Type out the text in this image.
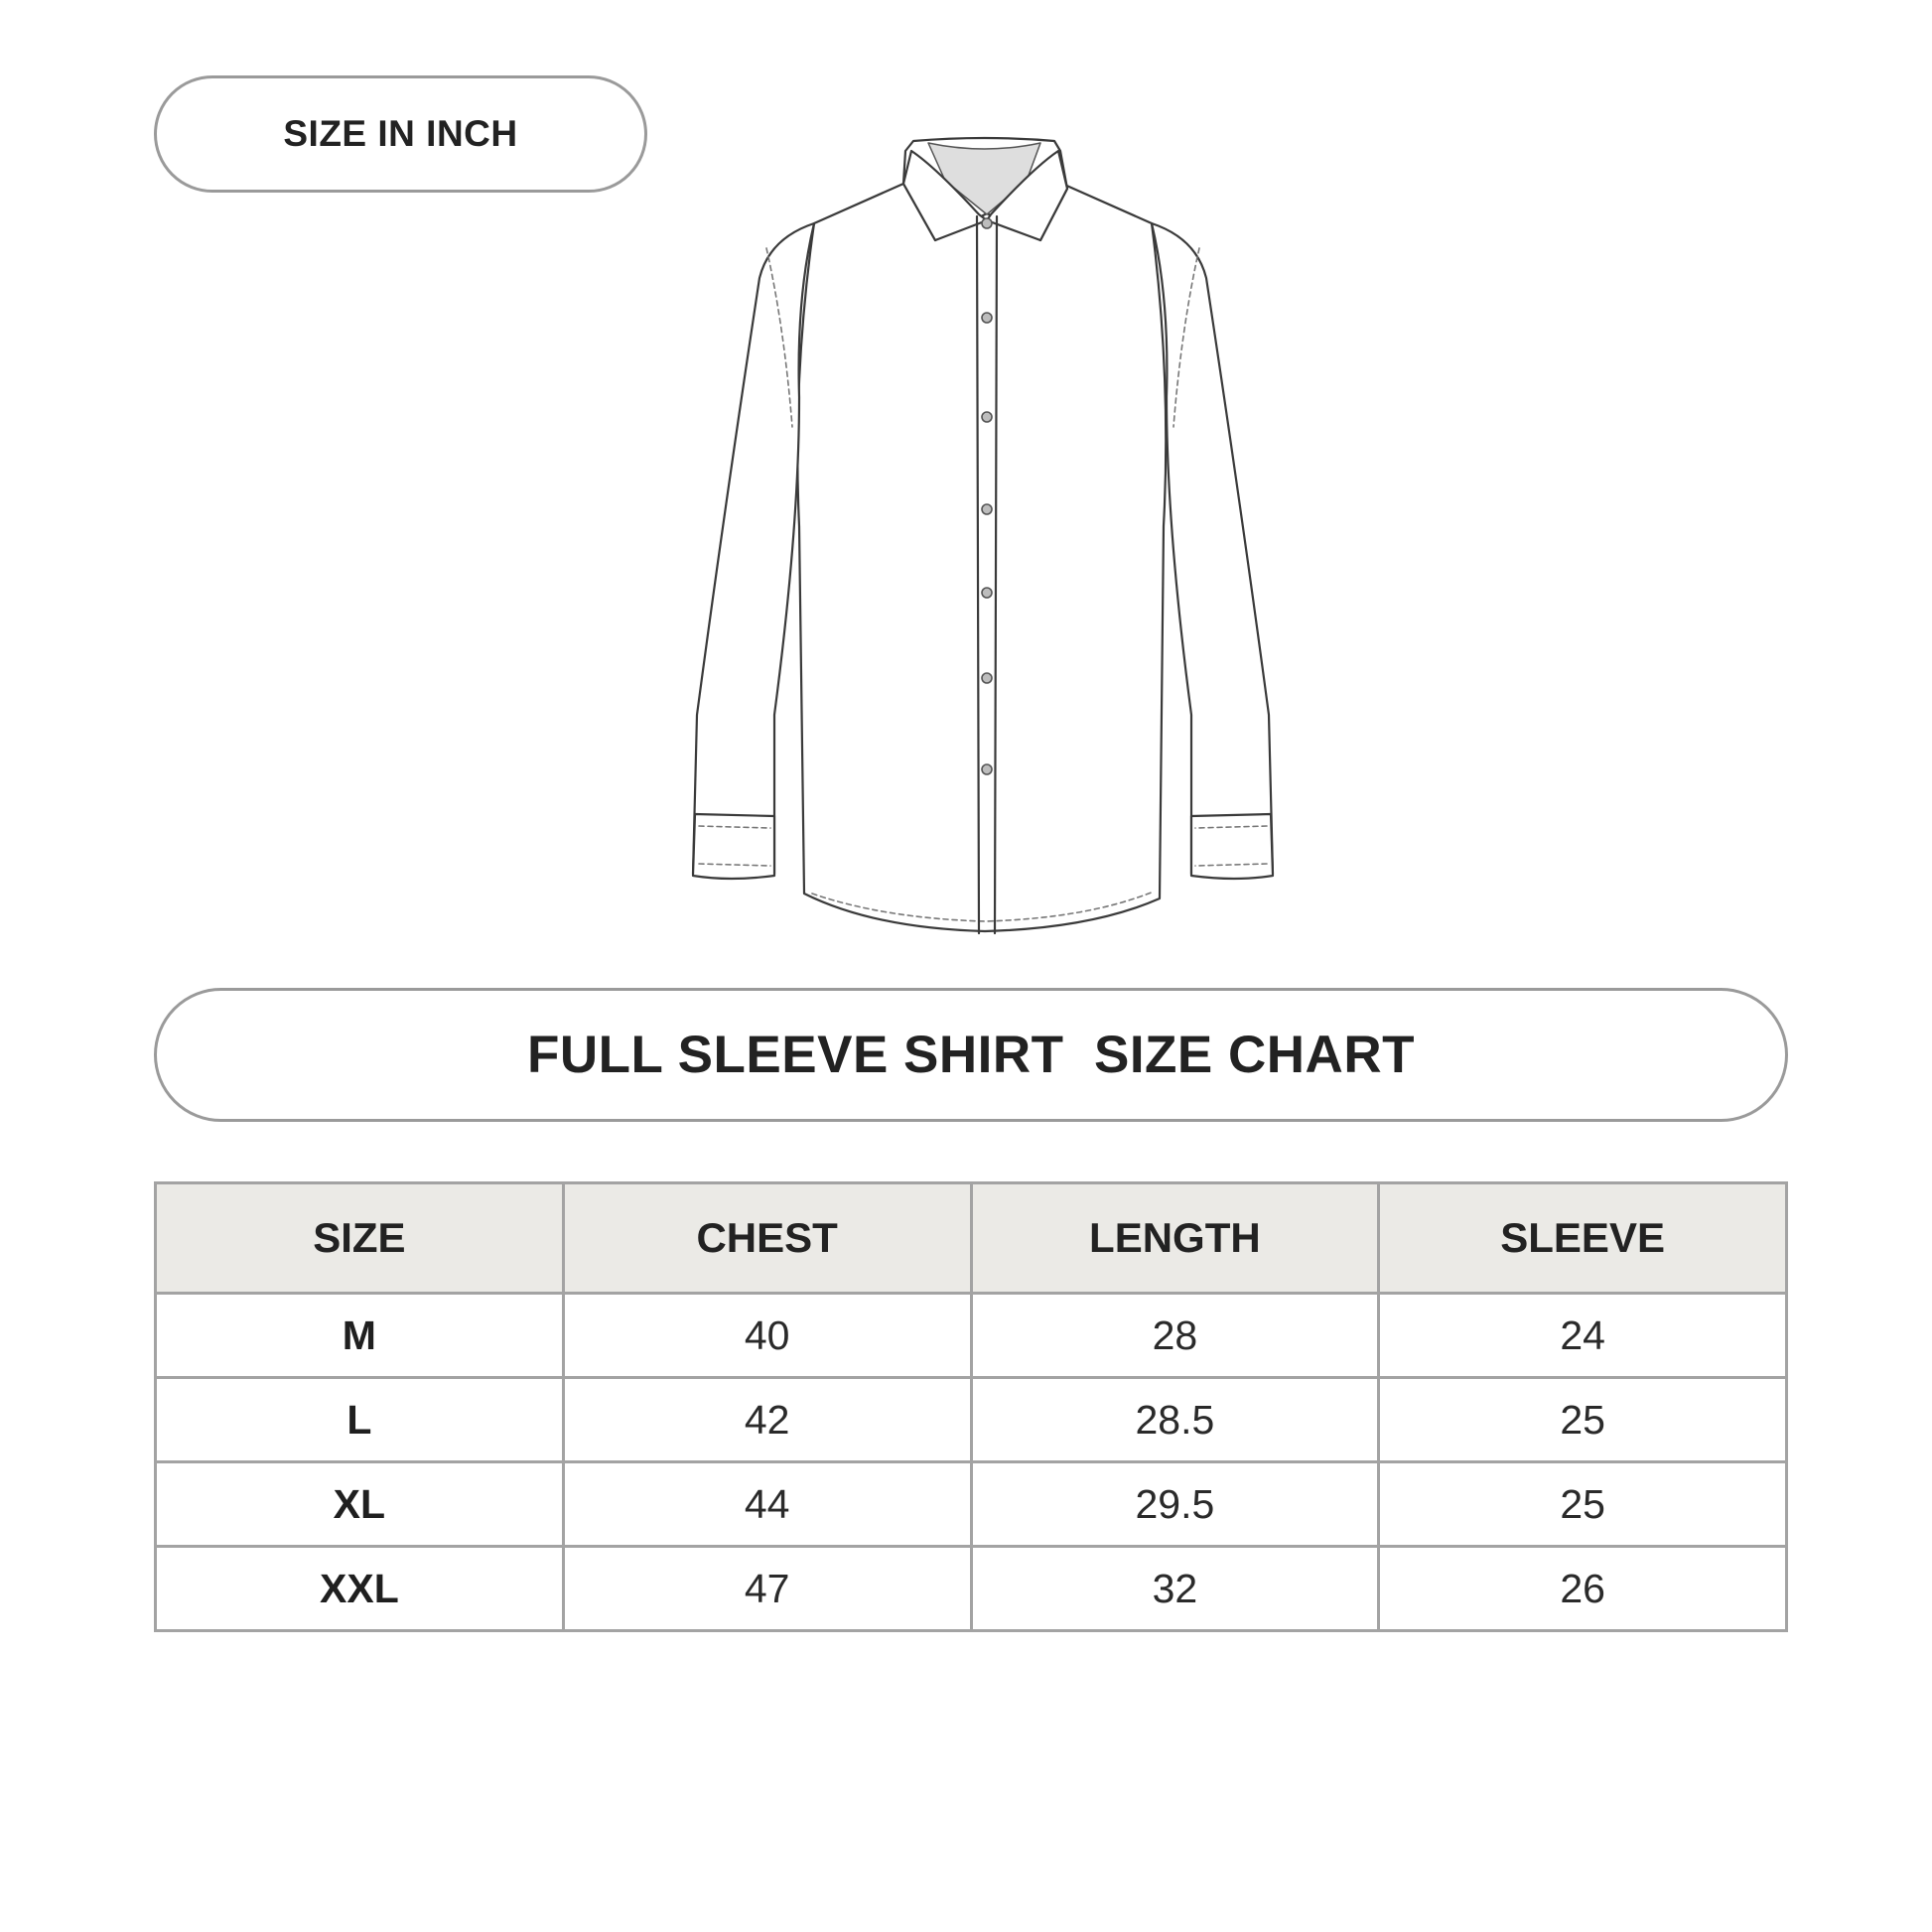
SIZE IN INCH
FULL SLEEVE SHIRT  SIZE CHART
SIZE	CHEST	LENGTH	SLEEVE
M	40	28	24
L	42	28.5	25
XL	44	29.5	25
XXL	47	32	26
